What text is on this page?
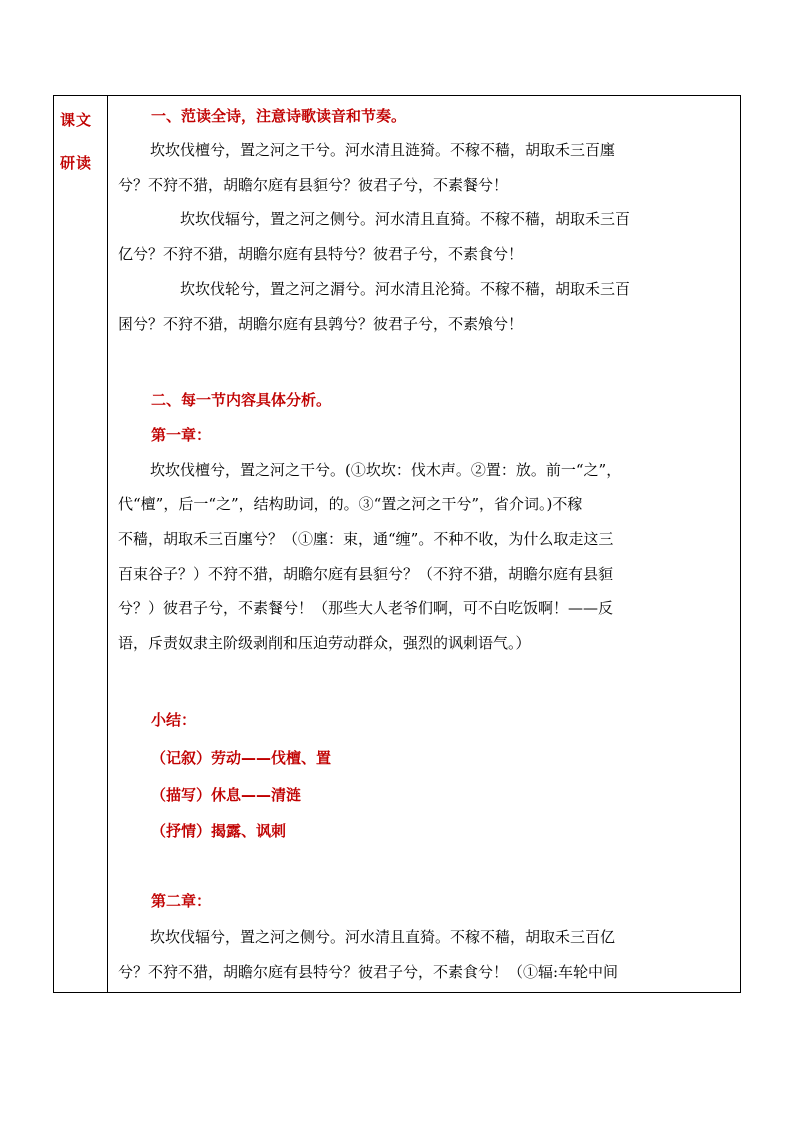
课文
研读
一、范读全诗，注意诗歌读音和节奏。
坎坎伐檀兮，置之河之干兮。河水清且涟猗。不稼不穑，胡取禾三百廛
兮？不狩不猎，胡瞻尔庭有县貆兮？彼君子兮，不素餐兮！
坎坎伐辐兮，置之河之侧兮。河水清且直猗。不稼不穑，胡取禾三百
亿兮？不狩不猎，胡瞻尔庭有县特兮？彼君子兮，不素食兮！
坎坎伐轮兮，置之河之漘兮。河水清且沦猗。不稼不穑，胡取禾三百
囷兮？不狩不猎，胡瞻尔庭有县鹑兮？彼君子兮，不素飧兮！
二、每一节内容具体分析。
第一章：
坎坎伐檀兮，置之河之干兮。(①坎坎：伐木声。②置：放。前一“之”，
代“檀”，后一“之”，结构助词，的。③“置之河之干兮”，省介词。)不稼
不穑，胡取禾三百廛兮？（①廛：束，通“缠”。不种不收，为什么取走这三
百束谷子？）不狩不猎，胡瞻尔庭有县貆兮？（不狩不猎，胡瞻尔庭有县貆
兮？）彼君子兮，不素餐兮！（那些大人老爷们啊，可不白吃饭啊！——反
语，斥责奴隶主阶级剥削和压迫劳动群众，强烈的讽刺语气。）
小结：
（记叙）劳动——伐檀、置
（描写）休息——清涟
（抒情）揭露、讽刺
第二章：
坎坎伐辐兮，置之河之侧兮。河水清且直猗。不稼不穑，胡取禾三百亿
兮？不狩不猎，胡瞻尔庭有县特兮？彼君子兮，不素食兮！（①辐:车轮中间
